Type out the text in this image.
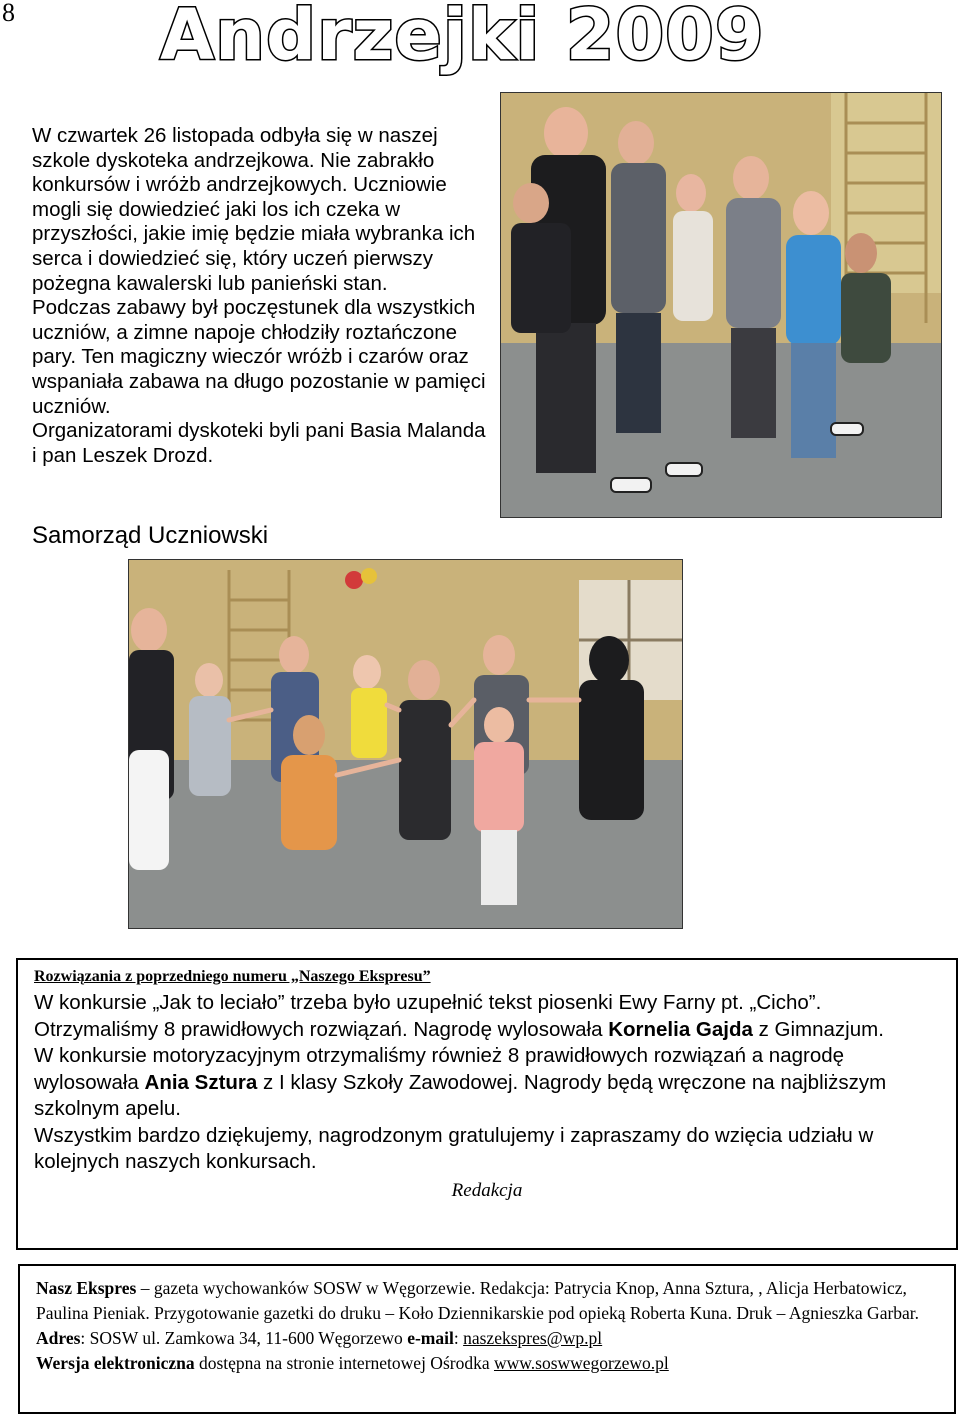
8 Andrzejki 2009

W czwartek 26 listopada odbyła się w naszej szkole dyskoteka andrzejkowa. Nie zabrakło konkursów i wróżb andrzejkowych. Uczniowie mogli się dowiedzieć jaki los ich czeka w przyszłości, jakie imię będzie miała wybranka ich serca i dowiedzieć się, który uczeń pierwszy pożegna kawalerski lub panieński stan.

Podczas zabawy był poczęstunek dla wszystkich uczniów, a zimne napoje chłodziły roztańczone pary. Ten magiczny wieczór wróżb i czarów oraz wspaniała zabawa na długo pozostanie w pamięci uczniów.

Organizatorami dyskoteki byli pani Basia Malanda i pan Leszek Drozd.

Samorząd Uczniowski
Rozwiązania z poprzedniego numeru „Naszego Ekspresu”

W konkursie „Jak to leciało” trzeba było uzupełnić tekst piosenki Ewy Farny pt. „Cicho”. Otrzymaliśmy 8 prawidłowych rozwiązań. Nagrodę wylosowała Kornelia Gajda z Gimnazjum.

W konkursie motoryzacyjnym otrzymaliśmy również 8 prawidłowych rozwiązań a nagrodę wylosowała Ania Sztura z I klasy Szkoły Zawodowej. Nagrody będą wręczone na najbliższym szkolnym apelu.

Wszystkim bardzo dziękujemy, nagrodzonym gratulujemy i zapraszamy do wzięcia udziału w kolejnych naszych konkursach.

Redakcja

Nasz Ekspres – gazeta wychowanków SOSW w Węgorzewie. Redakcja: Patrycia Knop, Anna Sztura, , Alicja Herbatowicz, Paulina Pieniak. Przygotowanie gazetki do druku – Koło Dziennikarskie pod opieką Roberta Kuna. Druk – Agnieszka Garbar.

Adres: SOSW ul. Zamkowa 34, 11-600 Węgorzewo e-mail: naszekspres@wp.pl

Wersja elektroniczna dostępna na stronie internetowej Ośrodka www.soswwegorzewo.pl
